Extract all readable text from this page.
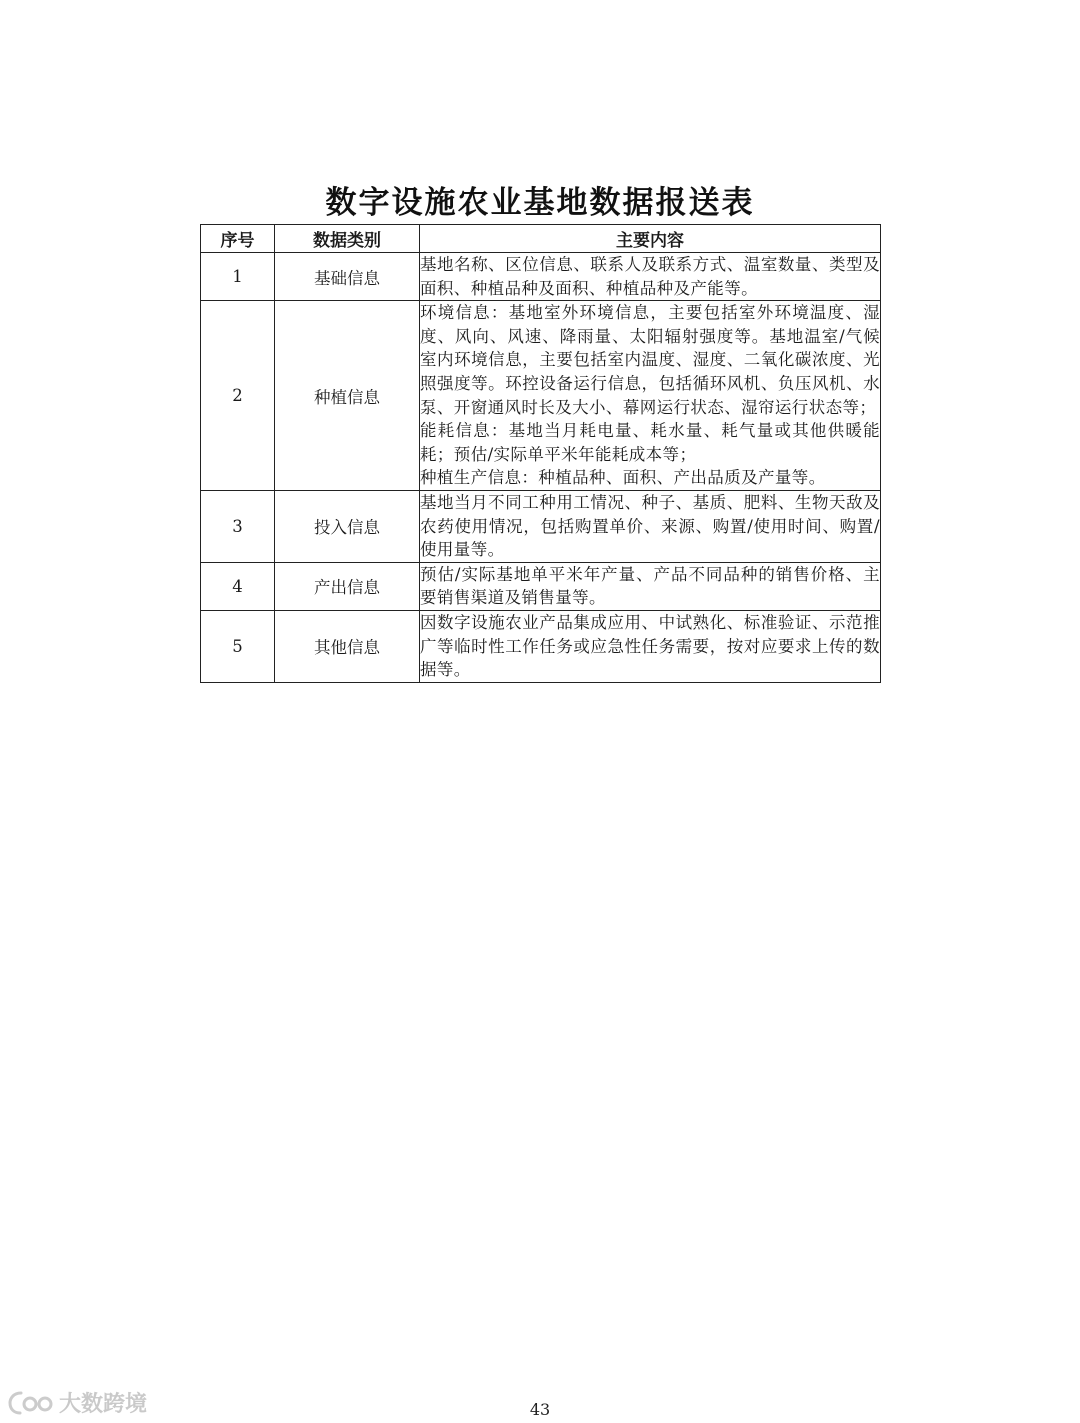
数字设施农业基地数据报送表
序号	数据类别	主要内容
1	基础信息	基地名称、区位信息、联系人及联系方式、温室数量、类型及面积、种植品种及面积、种植品种及产能等。

2	种植信息	环境信息：基地室外环境信息，主要包括室外环境温度、湿度、风向、风速、降雨量、太阳辐射强度等。基地温室/气候室内环境信息，主要包括室内温度、湿度、二氧化碳浓度、光照强度等。环控设备运行信息，包括循环风机、负压风机、水泵、开窗通风时长及大小、幕网运行状态、湿帘运行状态等；
能耗信息：基地当月耗电量、耗水量、耗气量或其他供暖能耗；预估/实际单平米年能耗成本等；
种植生产信息：种植品种、面积、产出品质及产量等。

3	投入信息	基地当月不同工种用工情况、种子、基质、肥料、生物天敌及农药使用情况，包括购置单价、来源、购置/使用时间、购置/使用量等。

4	产出信息	预估/实际基地单平米年产量、产品不同品种的销售价格、主要销售渠道及销售量等。

5	其他信息	因数字设施农业产品集成应用、中试熟化、标准验证、示范推广等临时性工作任务或应急性任务需要，按对应要求上传的数据等。
大数跨境	43
